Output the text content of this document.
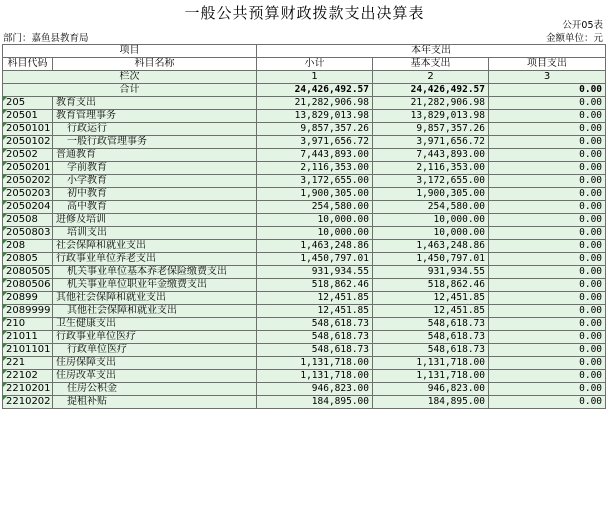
一般公共预算财政拨款支出决算表
公开05表
部门：嘉鱼县教育局	金额单位：元
项目		本年支出		
科目代码	科目名称	小计	基本支出	项目支出
栏次		1	2	3
合计		24,426,492.57	24,426,492.57	0.00
205	教育支出	21,282,906.98	21,282,906.98	0.00
20501	教育管理事务	13,829,013.98	13,829,013.98	0.00
2050101	行政运行	9,857,357.26	9,857,357.26	0.00
2050102	一般行政管理事务	3,971,656.72	3,971,656.72	0.00
20502	普通教育	7,443,893.00	7,443,893.00	0.00
2050201	学前教育	2,116,353.00	2,116,353.00	0.00
2050202	小学教育	3,172,655.00	3,172,655.00	0.00
2050203	初中教育	1,900,305.00	1,900,305.00	0.00
2050204	高中教育	254,580.00	254,580.00	0.00
20508	进修及培训	10,000.00	10,000.00	0.00
2050803	培训支出	10,000.00	10,000.00	0.00
208	社会保障和就业支出	1,463,248.86	1,463,248.86	0.00
20805	行政事业单位养老支出	1,450,797.01	1,450,797.01	0.00
2080505	机关事业单位基本养老保险缴费支出	931,934.55	931,934.55	0.00
2080506	机关事业单位职业年金缴费支出	518,862.46	518,862.46	0.00
20899	其他社会保障和就业支出	12,451.85	12,451.85	0.00
2089999	其他社会保障和就业支出	12,451.85	12,451.85	0.00
210	卫生健康支出	548,618.73	548,618.73	0.00
21011	行政事业单位医疗	548,618.73	548,618.73	0.00
2101101	行政单位医疗	548,618.73	548,618.73	0.00
221	住房保障支出	1,131,718.00	1,131,718.00	0.00
22102	住房改革支出	1,131,718.00	1,131,718.00	0.00
2210201	住房公积金	946,823.00	946,823.00	0.00
2210202	提租补贴	184,895.00	184,895.00	0.00
